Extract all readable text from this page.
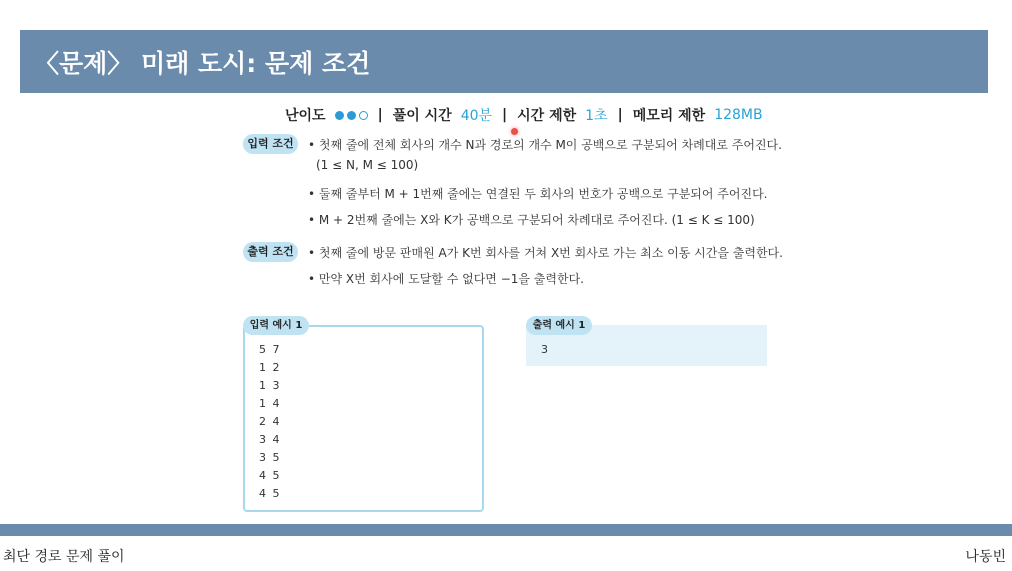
〈문제〉 미래 도시: 문제 조건
난이도	| 풀이 시간 40분 | 시간 제한 1초 | 메모리 제한 128MB
입력 조건	• 첫째 줄에 전체 회사의 개수 N과 경로의 개수 M이 공백으로 구분되어 차례대로 주어진다.
(1 ≤ N, M ≤ 100)
• 둘째 줄부터 M + 1번째 줄에는 연결된 두 회사의 번호가 공백으로 구분되어 주어진다.
• M + 2번째 줄에는 X와 K가 공백으로 구분되어 차례대로 주어진다. (1 ≤ K ≤ 100)
출력 조건	• 첫째 줄에 방문 판매원 A가 K번 회사를 거쳐 X번 회사로 가는 최소 이동 시간을 출력한다.
• 만약 X번 회사에 도달할 수 없다면 −1을 출력한다.
입력 예시 1
5 7
1 2
1 3
1 4
2 4
3 4
3 5
4 5
4 5
출력 예시 1
3
최단 경로 문제 풀이	나동빈
